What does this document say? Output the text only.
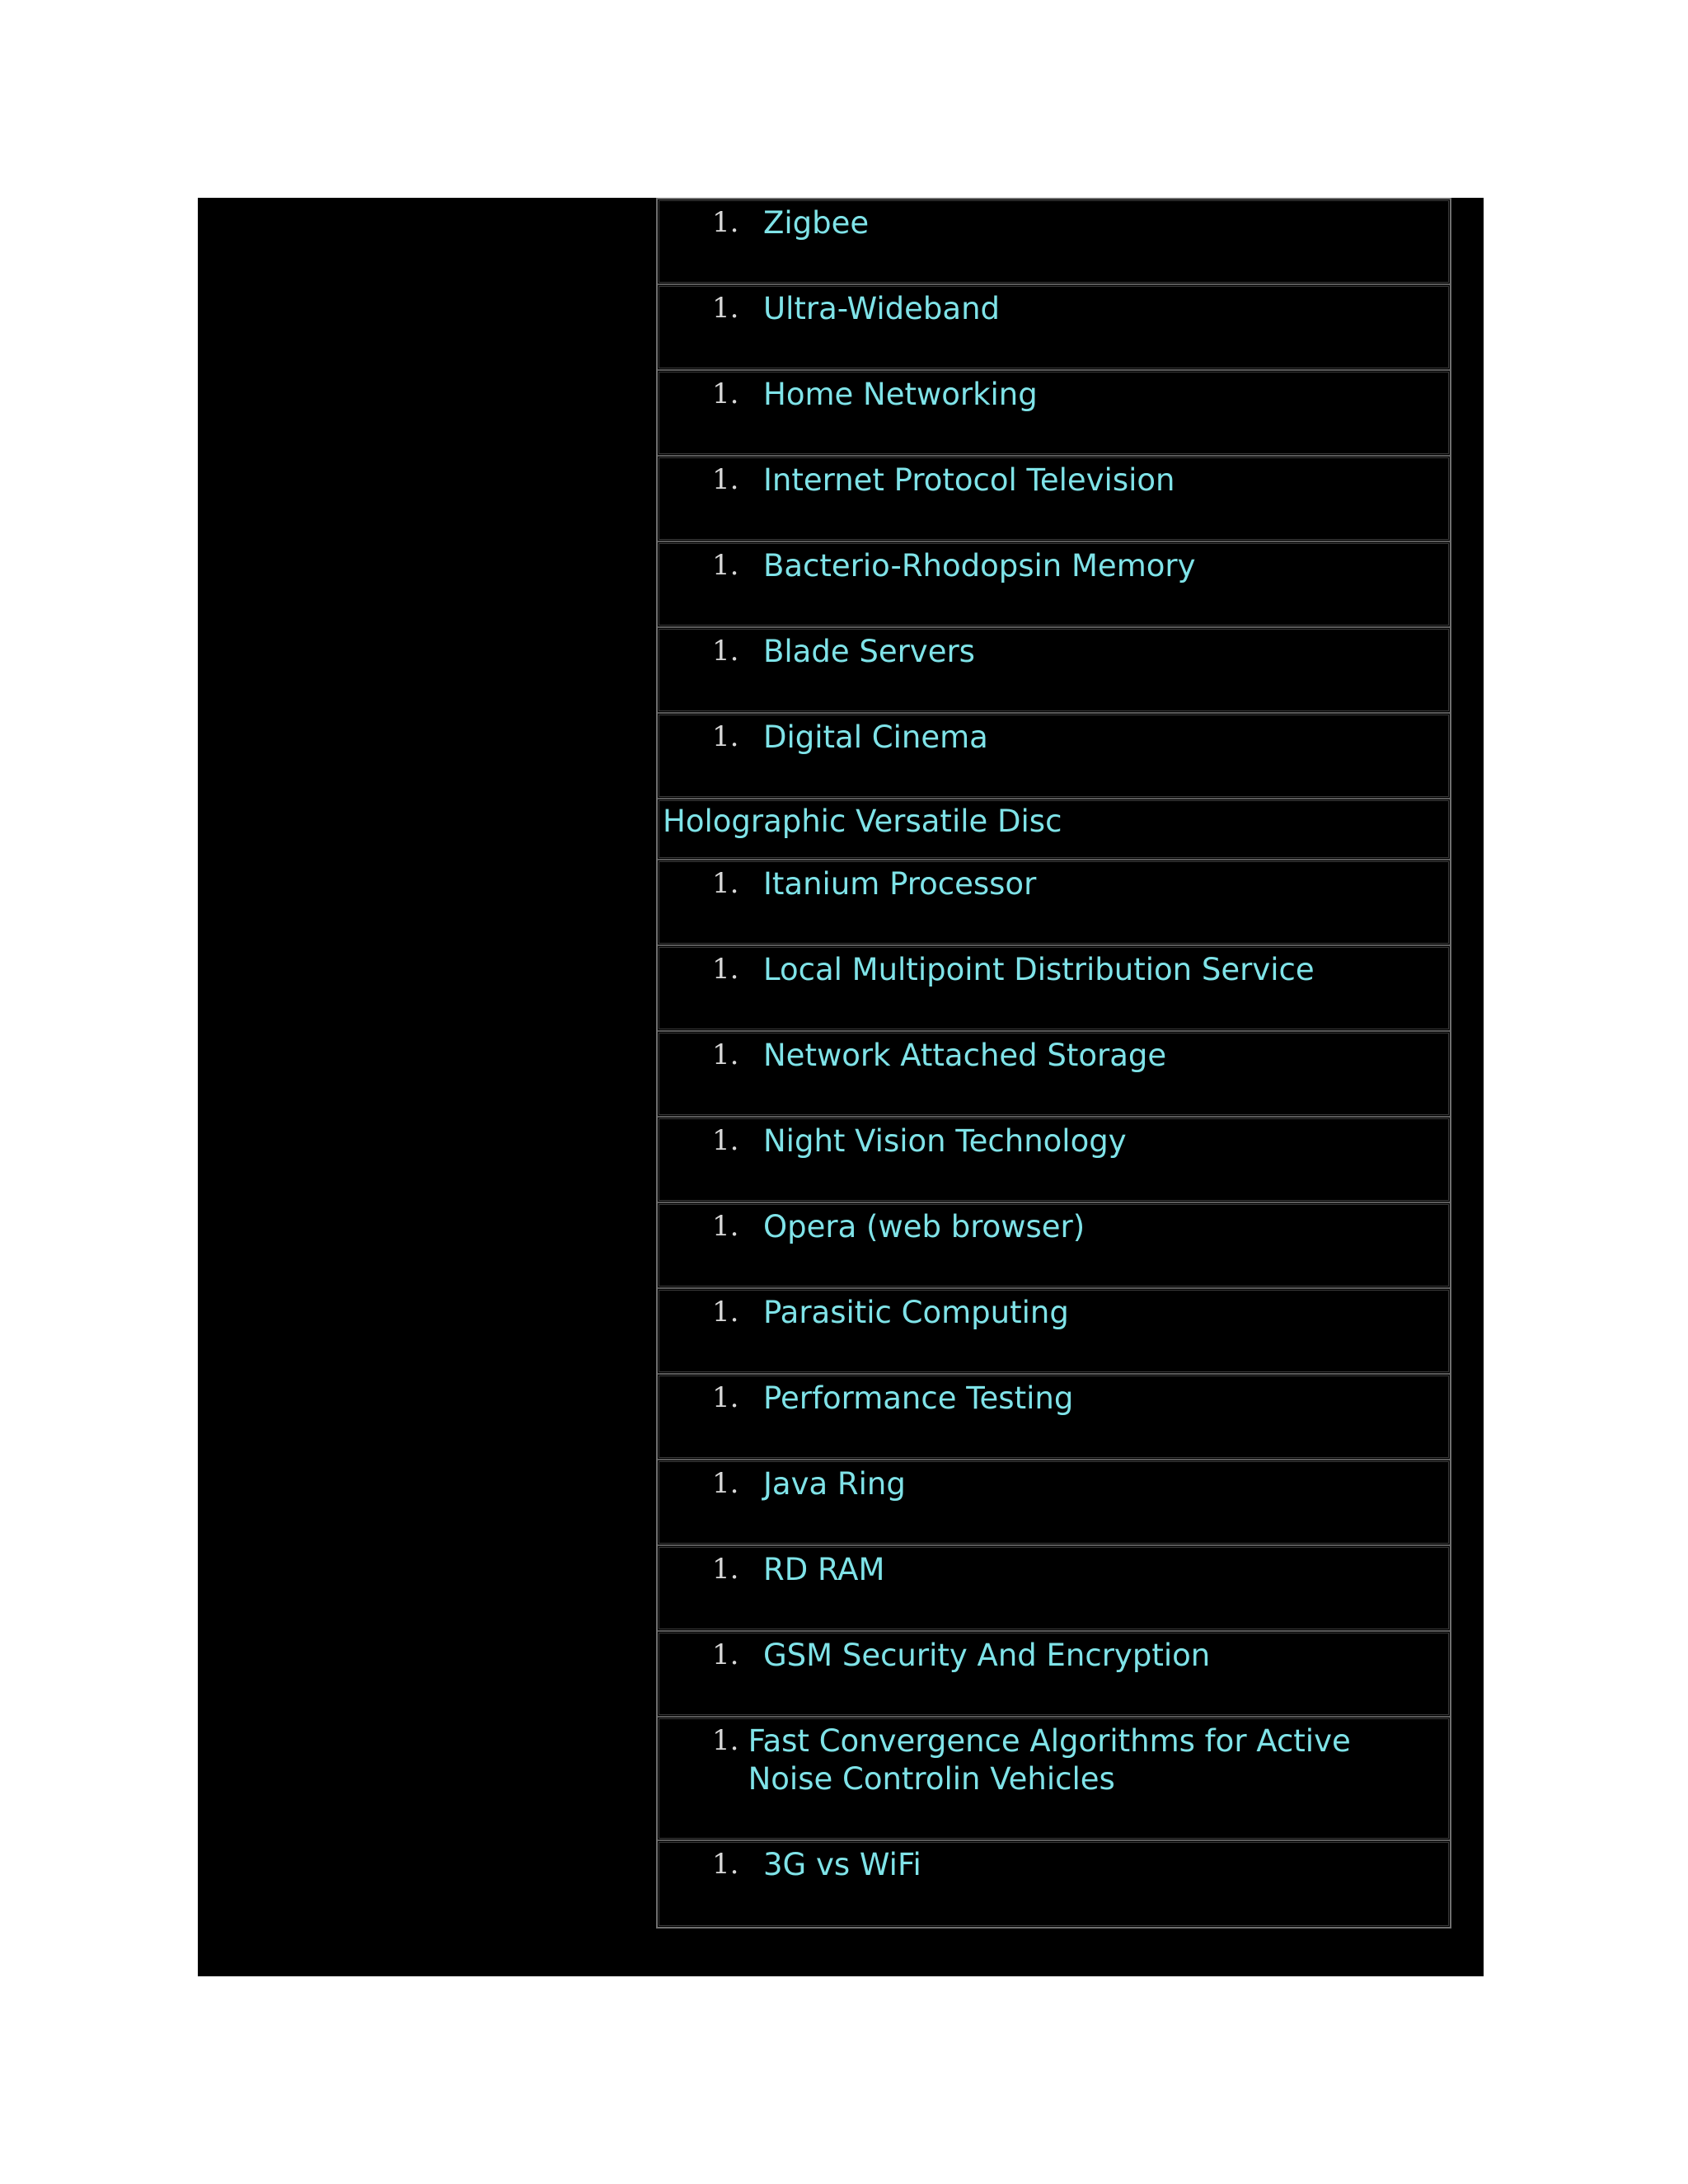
1. Zigbee
1. Ultra-Wideband
1. Home Networking
1. Internet Protocol Television
1. Bacterio-Rhodopsin Memory
1. Blade Servers
1. Digital Cinema
Holographic Versatile Disc
1. Itanium Processor
1. Local Multipoint Distribution Service
1. Network Attached Storage
1. Night Vision Technology
1. Opera (web browser)
1. Parasitic Computing
1. Performance Testing
1. Java Ring
1. RD RAM
1. GSM Security And Encryption
1. Fast Convergence Algorithms for Active Noise Controlin Vehicles
1. 3G vs WiFi
